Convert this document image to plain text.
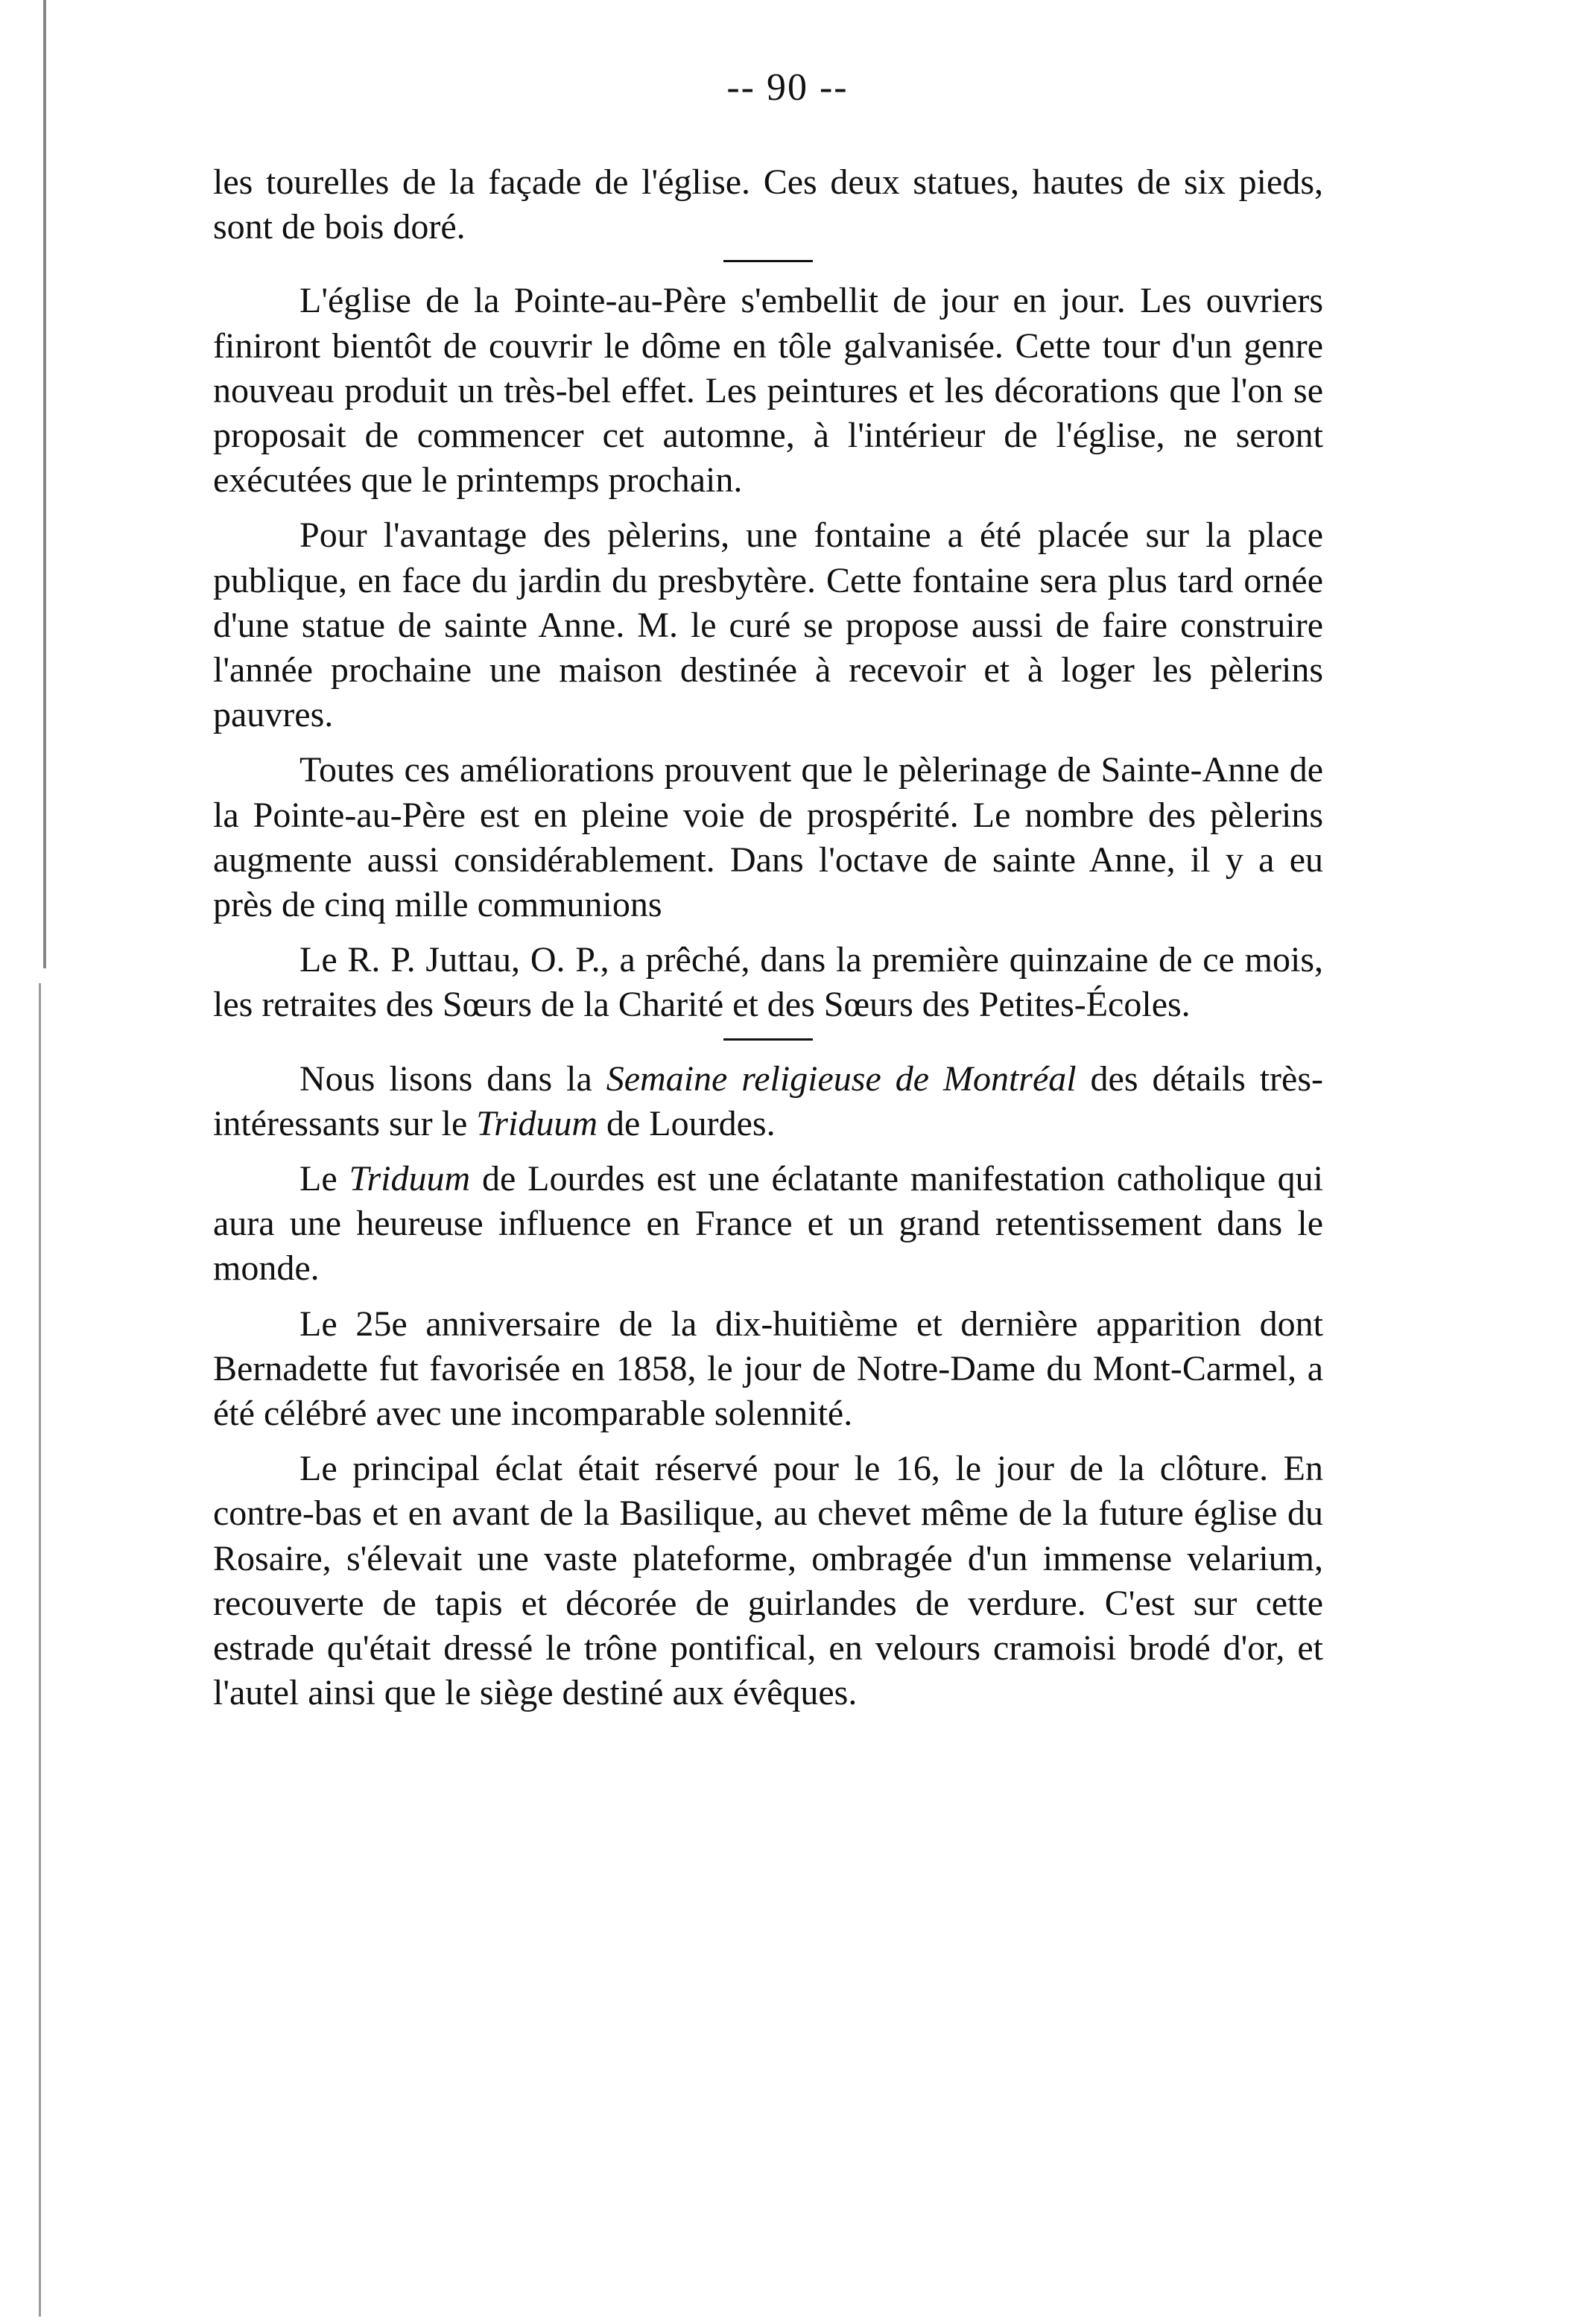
-- 90 --

les tourelles de la façade de l'église. Ces deux statues, hautes de six pieds, sont de bois doré.

L'église de la Pointe-au-Père s'embellit de jour en jour. Les ouvriers finiront bientôt de couvrir le dôme en tôle galvanisée. Cette tour d'un genre nouveau produit un très-bel effet. Les peintures et les décorations que l'on se proposait de commencer cet automne, à l'intérieur de l'église, ne seront exécutées que le printemps prochain.

Pour l'avantage des pèlerins, une fontaine a été placée sur la place publique, en face du jardin du presbytère. Cette fontaine sera plus tard ornée d'une statue de sainte Anne. M. le curé se propose aussi de faire construire l'année prochaine une maison destinée à recevoir et à loger les pèlerins pauvres.

Toutes ces améliorations prouvent que le pèlerinage de Sainte-Anne de la Pointe-au-Père est en pleine voie de prospérité. Le nombre des pèlerins augmente aussi considérablement. Dans l'octave de sainte Anne, il y a eu près de cinq mille communions

Le R. P. Juttau, O. P., a prêché, dans la première quinzaine de ce mois, les retraites des Sœurs de la Charité et des Sœurs des Petites-Écoles.

Nous lisons dans la Semaine religieuse de Montréal des détails très-intéressants sur le Triduum de Lourdes.

Le Triduum de Lourdes est une éclatante manifestation catholique qui aura une heureuse influence en France et un grand retentissement dans le monde.

Le 25e anniversaire de la dix-huitième et dernière apparition dont Bernadette fut favorisée en 1858, le jour de Notre-Dame du Mont-Carmel, a été célébré avec une incomparable solennité.

Le principal éclat était réservé pour le 16, le jour de la clôture. En contre-bas et en avant de la Basilique, au chevet même de la future église du Rosaire, s'élevait une vaste plateforme, ombragée d'un immense velarium, recouverte de tapis et décorée de guirlandes de verdure. C'est sur cette estrade qu'était dressé le trône pontifical, en velours cramoisi brodé d'or, et l'autel ainsi que le siège destiné aux évêques.
